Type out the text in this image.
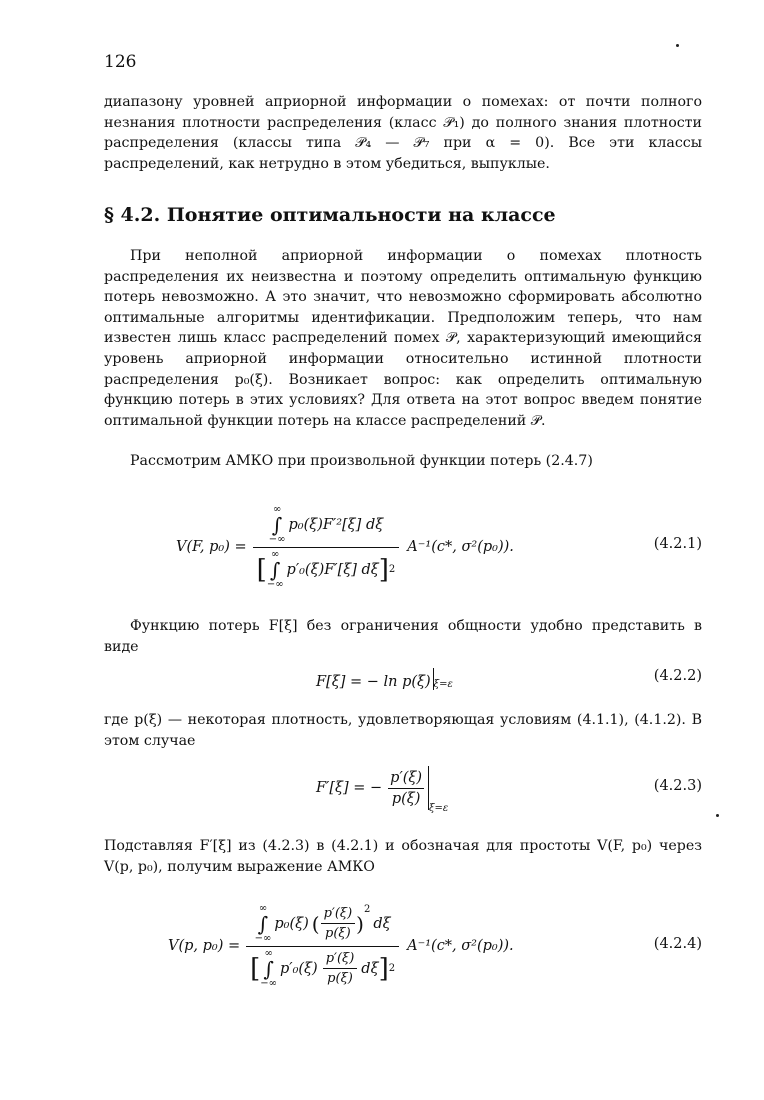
126

диапазону уровней априорной информации о помехах: от почти полного незнания плотности распределения (класс 𝒫₁) до полного знания плотности распределения (классы типа 𝒫₄ — 𝒫₇ при α = 0). Все эти классы распределений, как нетрудно в этом убедиться, выпуклые.

§ 4.2. Понятие оптимальности на классе

При неполной априорной информации о помехах плотность распределения их неизвестна и поэтому определить оптимальную функцию потерь невозможно. А это значит, что невозможно сформировать абсолютно оптимальные алгоритмы идентификации. Предположим теперь, что нам известен лишь класс распределений помех 𝒫, характеризующий имеющийся уровень априорной информации относительно истинной плотности распределения p₀(ξ). Возникает вопрос: как определить оптимальную функцию потерь в этих условиях? Для ответа на этот вопрос введем понятие оптимальной функции потерь на классе распределений 𝒫.

Рассмотрим АМКО при произвольной функции потерь (2.4.7)

V(F, p₀) =
∞
∫
−∞
p₀(ξ)F′²[ξ] dξ
[
∞
∫
−∞
p′₀(ξ)F′[ξ] dξ ] 2
A⁻¹(c*, σ²(p₀)).	(4.2.1)

Функцию потерь F[ξ] без ограничения общности удобно представить в виде

F[ξ] = − ln p(ξ) $_{\xi=\varepsilon}$
(4.2.2)

где p(ξ) — некоторая плотность, удовлетворяющая условиям (4.1.1), (4.1.2). В этом случае

F′[ξ] = − $\frac{p'(\xi)}{p(\xi)}$
$_{\xi=\varepsilon}$
(4.2.3)

Подставляя F′[ξ] из (4.2.3) в (4.2.1) и обозначая для простоты V(F, p₀) через V(p, p₀), получим выражение АМКО

V(p, p₀) =
∞
∫
−∞
p₀(ξ) ( $\frac{p'(\xi)}{p(\xi)}$ )
$^2$
dξ
[
∞
∫
−∞
$p'_0(\xi) \frac{p'(\xi)}{p(\xi)}$ dξ ] 2
A⁻¹(c*, σ²(p₀)).	(4.2.4)
